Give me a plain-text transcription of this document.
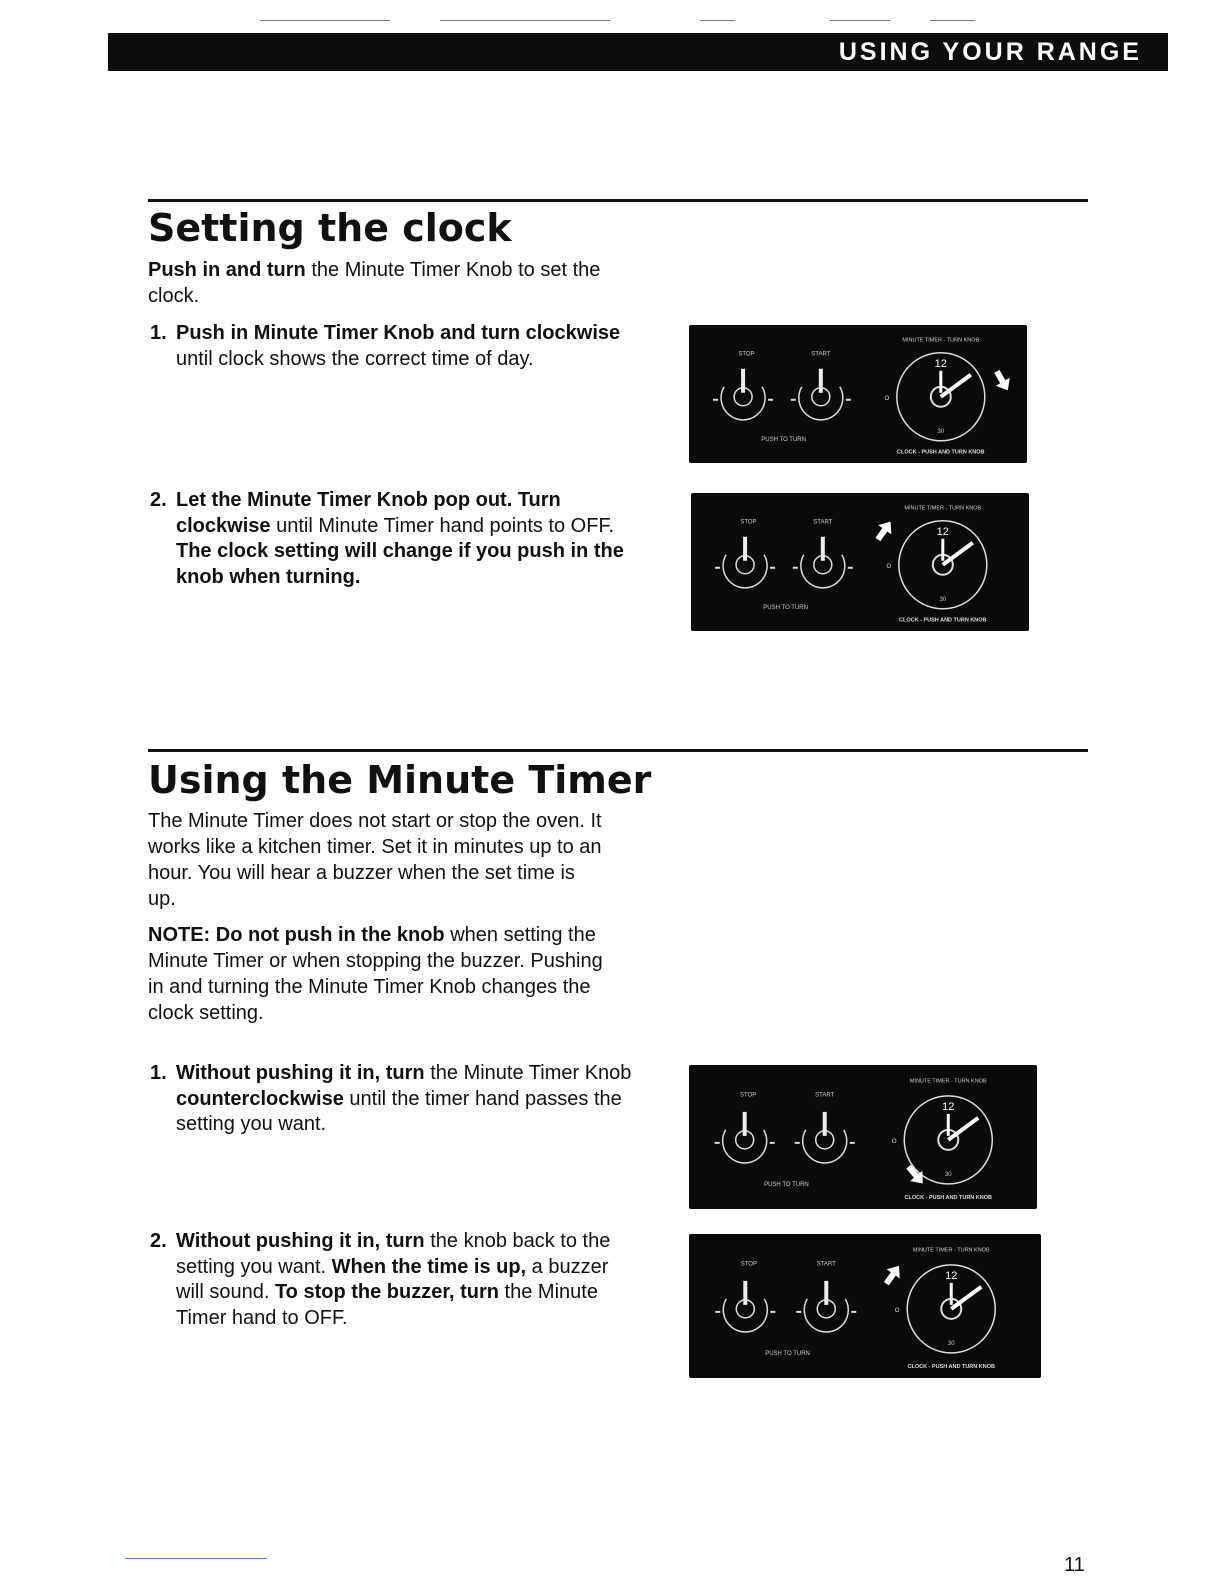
USING YOUR RANGE
Setting the clock
Push in and turn the Minute Timer Knob to set the clock.
1. Push in Minute Timer Knob and turn clockwise until clock shows the correct time of day.
2. Let the Minute Timer Knob pop out. Turn clockwise until Minute Timer hand points to OFF. The clock setting will change if you push in the knob when turning.
STOP	START
PUSH TO TURN
MINUTE TIMER - TURN KNOB
12
30
O
CLOCK - PUSH AND TURN KNOB
STOP	START
PUSH TO TURN
MINUTE TIMER - TURN KNOB
12
30
O
CLOCK - PUSH AND TURN KNOB
Using the Minute Timer
The Minute Timer does not start or stop the oven. It works like a kitchen timer. Set it in minutes up to an hour. You will hear a buzzer when the set time is up.
NOTE: Do not push in the knob when setting the Minute Timer or when stopping the buzzer. Pushing in and turning the Minute Timer Knob changes the clock setting.
1. Without pushing it in, turn the Minute Timer Knob counterclockwise until the timer hand passes the setting you want.
2. Without pushing it in, turn the knob back to the setting you want. When the time is up, a buzzer will sound. To stop the buzzer, turn the Minute Timer hand to OFF.
STOP	START
PUSH TO TURN
MINUTE TIMER - TURN KNOB
12
30
O
CLOCK - PUSH AND TURN KNOB
STOP	START
PUSH TO TURN
MINUTE TIMER - TURN KNOB
12
30
O
CLOCK - PUSH AND TURN KNOB
11
